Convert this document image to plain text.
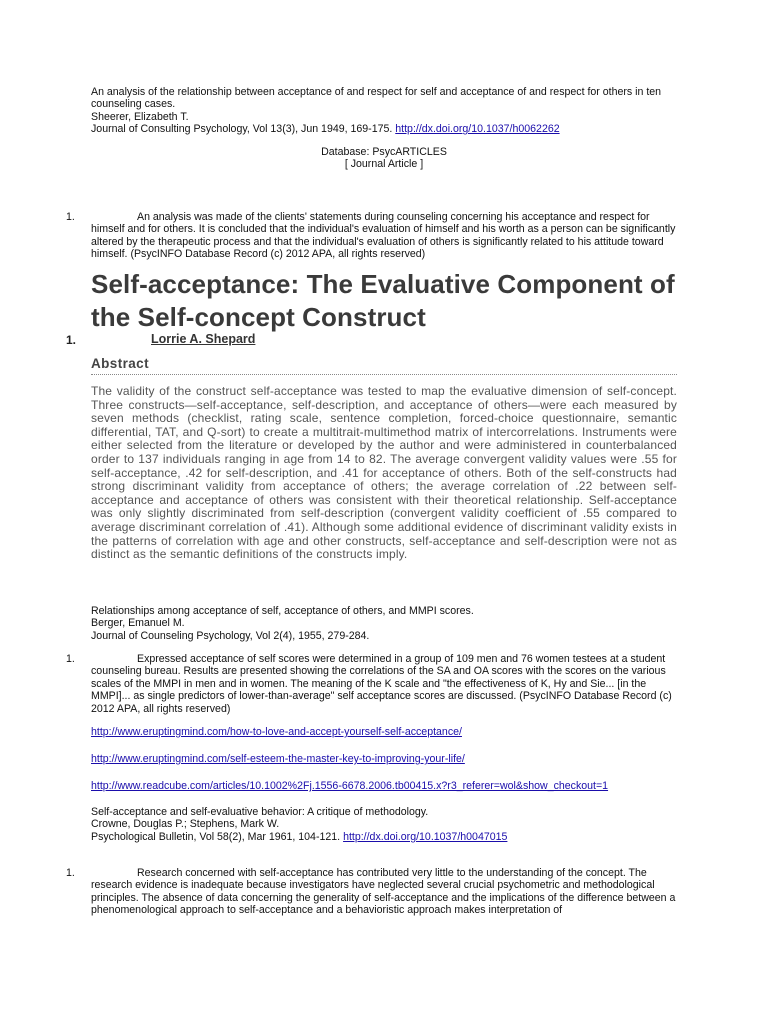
An analysis of the relationship between acceptance of and respect for self and acceptance of and respect for others in ten counseling cases.
Sheerer, Elizabeth T.
Journal of Consulting Psychology, Vol 13(3), Jun 1949, 169-175. http://dx.doi.org/10.1037/h0062262
Database: PsycARTICLES
[ Journal Article ]
1.	An analysis was made of the clients' statements during counseling concerning his acceptance and respect for himself and for others. It is concluded that the individual's evaluation of himself and his worth as a person can be significantly altered by the therapeutic process and that the individual's evaluation of others is significantly related to his attitude toward himself. (PsycINFO Database Record (c) 2012 APA, all rights reserved)
Self-acceptance: The Evaluative Component of the Self-concept Construct
1.	Lorrie A. Shepard
Abstract
The validity of the construct self-acceptance was tested to map the evaluative dimension of self-concept. Three constructs—self-acceptance, self-description, and acceptance of others—were each measured by seven methods (checklist, rating scale, sentence completion, forced-choice questionnaire, semantic differential, TAT, and Q-sort) to create a multitrait-multimethod matrix of intercorrelations. Instruments were either selected from the literature or developed by the author and were administered in counterbalanced order to 137 individuals ranging in age from 14 to 82. The average convergent validity values were .55 for self-acceptance, .42 for self-description, and .41 for acceptance of others. Both of the self-constructs had strong discriminant validity from acceptance of others; the average correlation of .22 between self-acceptance and acceptance of others was consistent with their theoretical relationship. Self-acceptance was only slightly discriminated from self-description (convergent validity coefficient of .55 compared to average discriminant correlation of .41). Although some additional evidence of discriminant validity exists in the patterns of correlation with age and other constructs, self-acceptance and self-description were not as distinct as the semantic definitions of the constructs imply.
Relationships among acceptance of self, acceptance of others, and MMPI scores.
Berger, Emanuel M.
Journal of Counseling Psychology, Vol 2(4), 1955, 279-284.
1.	Expressed acceptance of self scores were determined in a group of 109 men and 76 women testees at a student counseling bureau. Results are presented showing the correlations of the SA and OA scores with the scores on the various scales of the MMPI in men and in women. The meaning of the K scale and "the effectiveness of K, Hy and Sie... [in the MMPI]... as single predictors of lower-than-average" self acceptance scores are discussed. (PsycINFO Database Record (c) 2012 APA, all rights reserved)
http://www.eruptingmind.com/how-to-love-and-accept-yourself-self-acceptance/
http://www.eruptingmind.com/self-esteem-the-master-key-to-improving-your-life/
http://www.readcube.com/articles/10.1002%2Fj.1556-6678.2006.tb00415.x?r3_referer=wol&show_checkout=1
Self-acceptance and self-evaluative behavior: A critique of methodology.
Crowne, Douglas P.; Stephens, Mark W.
Psychological Bulletin, Vol 58(2), Mar 1961, 104-121. http://dx.doi.org/10.1037/h0047015
1.	Research concerned with self-acceptance has contributed very little to the understanding of the concept. The research evidence is inadequate because investigators have neglected several crucial psychometric and methodological principles. The absence of data concerning the generality of self-acceptance and the implications of the difference between a phenomenological approach to self-acceptance and a behavioristic approach makes interpretation of
